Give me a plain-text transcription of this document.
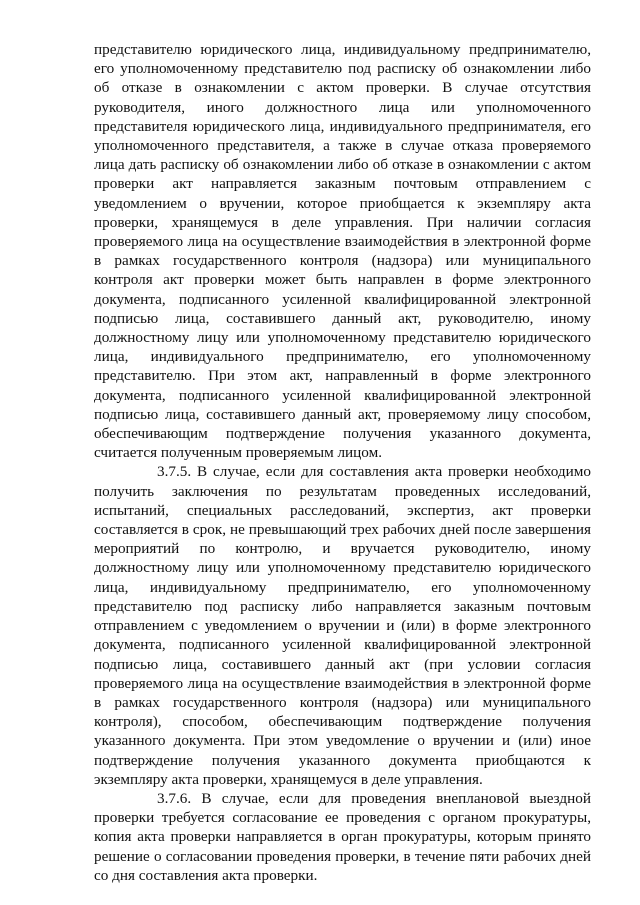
представителю юридического лица, индивидуальному предпринимателю, его уполномоченному представителю под расписку об ознакомлении либо об отказе в ознакомлении с актом проверки. В случае отсутствия руководителя, иного должностного лица или уполномоченного представителя юридического лица, индивидуального предпринимателя, его уполномоченного представителя, а также в случае отказа проверяемого лица дать расписку об ознакомлении либо об отказе в ознакомлении с актом проверки акт направляется заказным почтовым отправлением с уведомлением о вручении, которое приобщается к экземпляру акта проверки, хранящемуся в деле управления. При наличии согласия проверяемого лица на осуществление взаимодействия в электронной форме в рамках государственного контроля (надзора) или муниципального контроля акт проверки может быть направлен в форме электронного документа, подписанного усиленной квалифицированной электронной подписью лица, составившего данный акт, руководителю, иному должностному лицу или уполномоченному представителю юридического лица, индивидуального предпринимателю, его уполномоченному представителю. При этом акт, направленный в форме электронного документа, подписанного усиленной квалифицированной электронной подписью лица, составившего данный акт, проверяемому лицу способом, обеспечивающим подтверждение получения указанного документа, считается полученным проверяемым лицом.

3.7.5. В случае, если для составления акта проверки необходимо получить заключения по результатам проведенных исследований, испытаний, специальных расследований, экспертиз, акт проверки составляется в срок, не превышающий трех рабочих дней после завершения мероприятий по контролю, и вручается руководителю, иному должностному лицу или уполномоченному представителю юридического лица, индивидуальному предпринимателю, его уполномоченному представителю под расписку либо направляется заказным почтовым отправлением с уведомлением о вручении и (или) в форме электронного документа, подписанного усиленной квалифицированной электронной подписью лица, составившего данный акт (при условии согласия проверяемого лица на осуществление взаимодействия в электронной форме в рамках государственного контроля (надзора) или муниципального контроля), способом, обеспечивающим подтверждение получения указанного документа. При этом уведомление о вручении и (или) иное подтверждение получения указанного документа приобщаются к экземпляру акта проверки, хранящемуся в деле управления.

3.7.6. В случае, если для проведения внеплановой выездной проверки требуется согласование ее проведения с органом прокуратуры, копия акта проверки направляется в орган прокуратуры, которым принято решение о согласовании проведения проверки, в течение пяти рабочих дней со дня составления акта проверки.
